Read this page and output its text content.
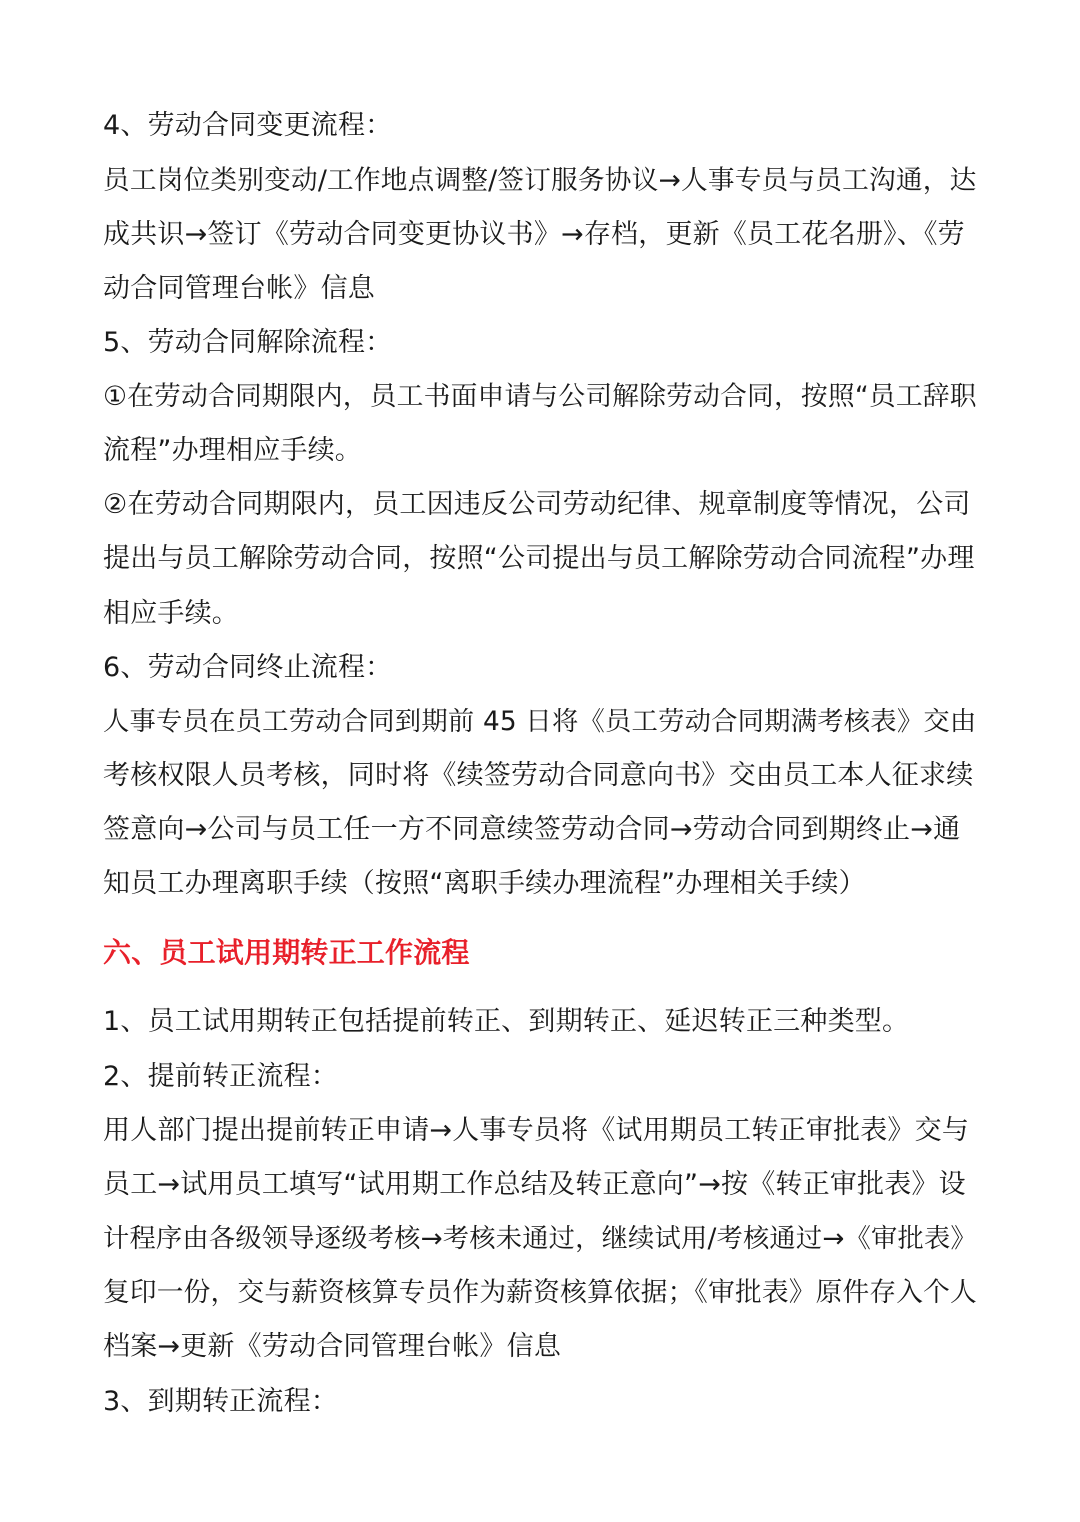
4、劳动合同变更流程：
员工岗位类别变动/工作地点调整/签订服务协议→人事专员与员工沟通，达
成共识→签订《劳动合同变更协议书》→存档，更新《员工花名册》、《劳
动合同管理台帐》信息
5、劳动合同解除流程：
①在劳动合同期限内，员工书面申请与公司解除劳动合同，按照“员工辞职
流程”办理相应手续。
②在劳动合同期限内，员工因违反公司劳动纪律、规章制度等情况，公司
提出与员工解除劳动合同，按照“公司提出与员工解除劳动合同流程”办理
相应手续。
6、劳动合同终止流程：
人事专员在员工劳动合同到期前 45 日将《员工劳动合同期满考核表》交由
考核权限人员考核，同时将《续签劳动合同意向书》交由员工本人征求续
签意向→公司与员工任一方不同意续签劳动合同→劳动合同到期终止→通
知员工办理离职手续（按照“离职手续办理流程”办理相关手续）
六、员工试用期转正工作流程
1、员工试用期转正包括提前转正、到期转正、延迟转正三种类型。
2、提前转正流程：
用人部门提出提前转正申请→人事专员将《试用期员工转正审批表》交与
员工→试用员工填写“试用期工作总结及转正意向”→按《转正审批表》设
计程序由各级领导逐级考核→考核未通过，继续试用/考核通过→《审批表》
复印一份，交与薪资核算专员作为薪资核算依据；《审批表》原件存入个人
档案→更新《劳动合同管理台帐》信息
3、到期转正流程：
